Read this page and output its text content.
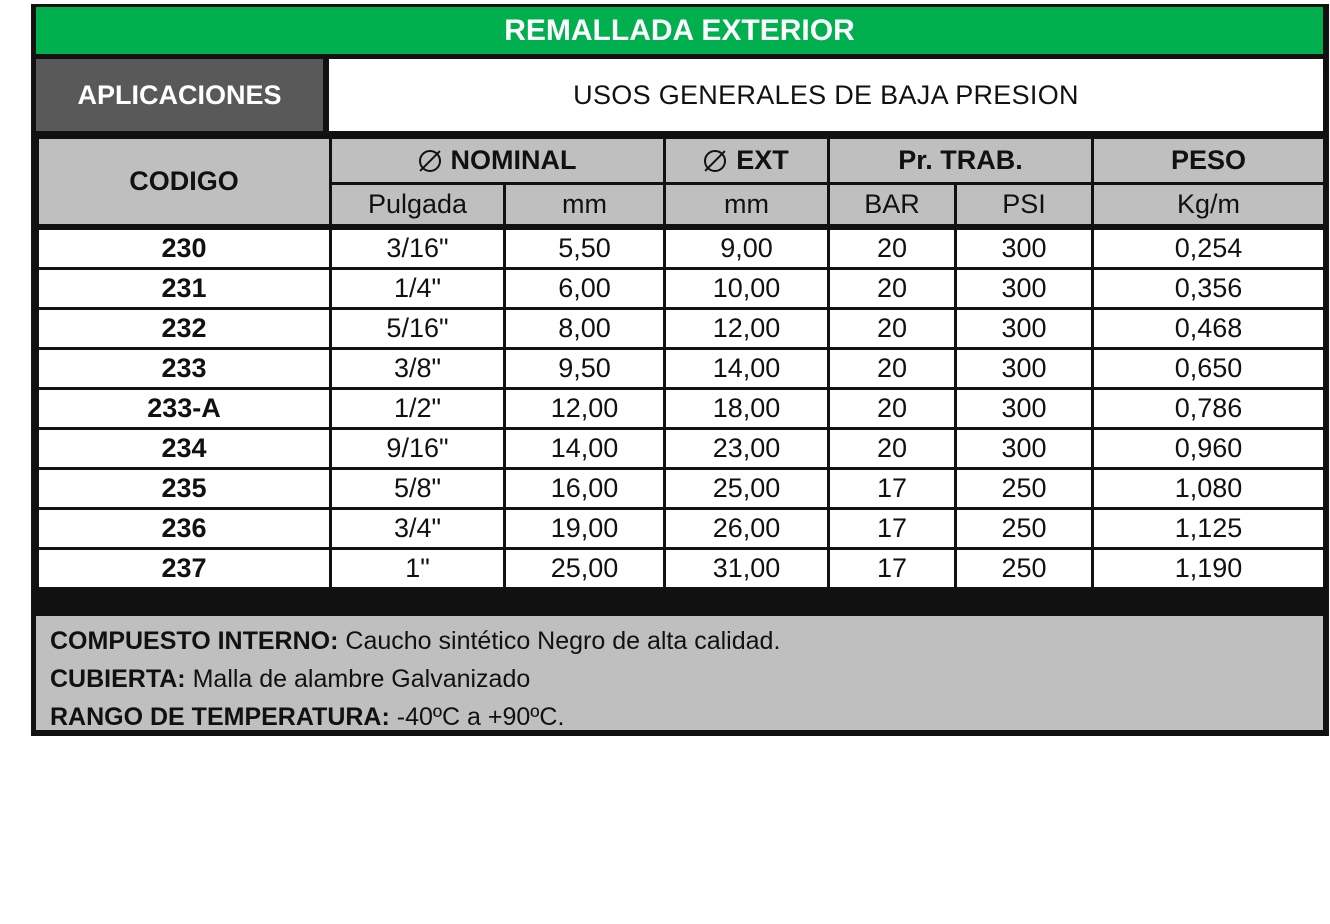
REMALLADA EXTERIOR
APLICACIONES	USOS GENERALES DE BAJA PRESION
CODIGO	NOMINAL		EXT	Pr. TRAB.		PESO
	Pulgada	mm	mm	BAR	PSI	Kg/m
230	3/16"	5,50	9,00	20	300	0,254
231	1/4"	6,00	10,00	20	300	0,356
232	5/16"	8,00	12,00	20	300	0,468
233	3/8"	9,50	14,00	20	300	0,650
233-A	1/2"	12,00	18,00	20	300	0,786
234	9/16"	14,00	23,00	20	300	0,960
235	5/8"	16,00	25,00	17	250	1,080
236	3/4"	19,00	26,00	17	250	1,125
237	1"	25,00	31,00	17	250	1,190
COMPUESTO INTERNO: Caucho sintético Negro de alta calidad.
CUBIERTA: Malla de alambre Galvanizado
RANGO DE TEMPERATURA: -40ºC a +90ºC.
